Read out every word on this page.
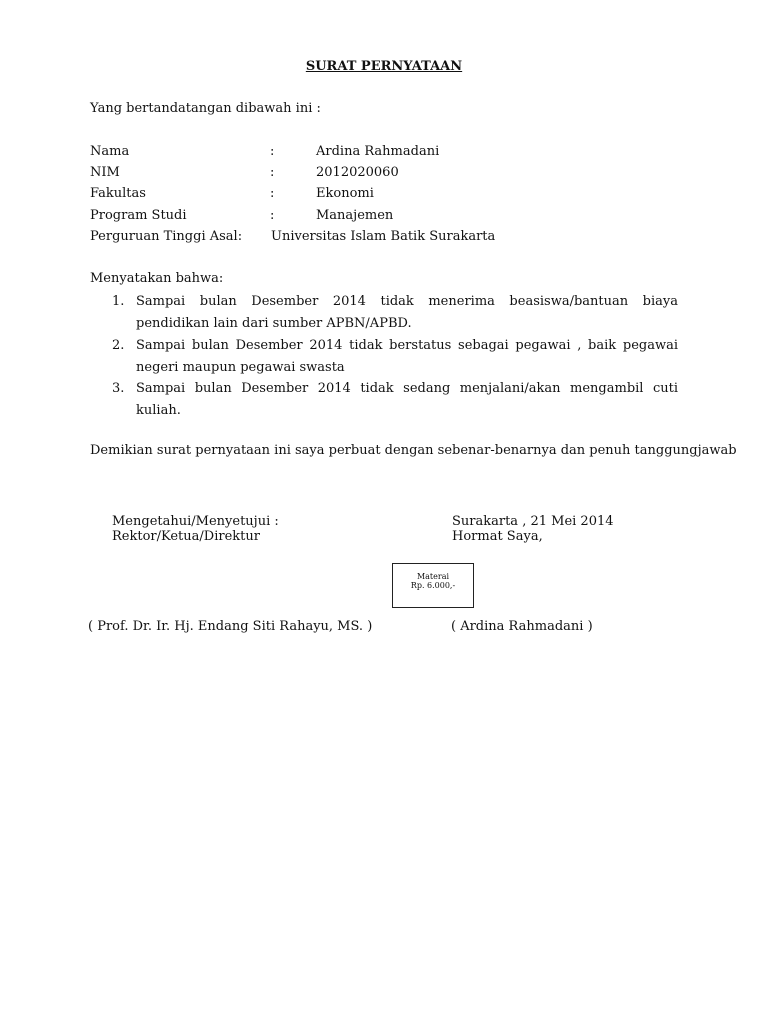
SURAT PERNYATAAN
Yang bertandatangan dibawah ini :
Nama	:	Ardina Rahmadani
NIM	:	2012020060
Fakultas	:	Ekonomi
Program Studi	:	Manajemen
Perguruan Tinggi Asal: Universitas Islam Batik Surakarta
Menyatakan bahwa:
1. Sampai bulan Desember 2014 tidak menerima beasiswa/bantuan biaya pendidikan lain dari sumber APBN/APBD.
2. Sampai bulan Desember 2014 tidak berstatus sebagai pegawai , baik pegawai negeri maupun pegawai swasta
3. Sampai bulan Desember 2014 tidak sedang menjalani/akan mengambil cuti kuliah.
Demikian surat pernyataan ini saya perbuat dengan sebenar-benarnya dan penuh tanggungjawab
Mengetahui/Menyetujui :
Rektor/Ketua/Direktur
Surakarta , 21 Mei 2014
Hormat Saya,
Materai
Rp. 6.000,-
( Prof. Dr. Ir. Hj. Endang Siti Rahayu, MS. )	( Ardina Rahmadani )
